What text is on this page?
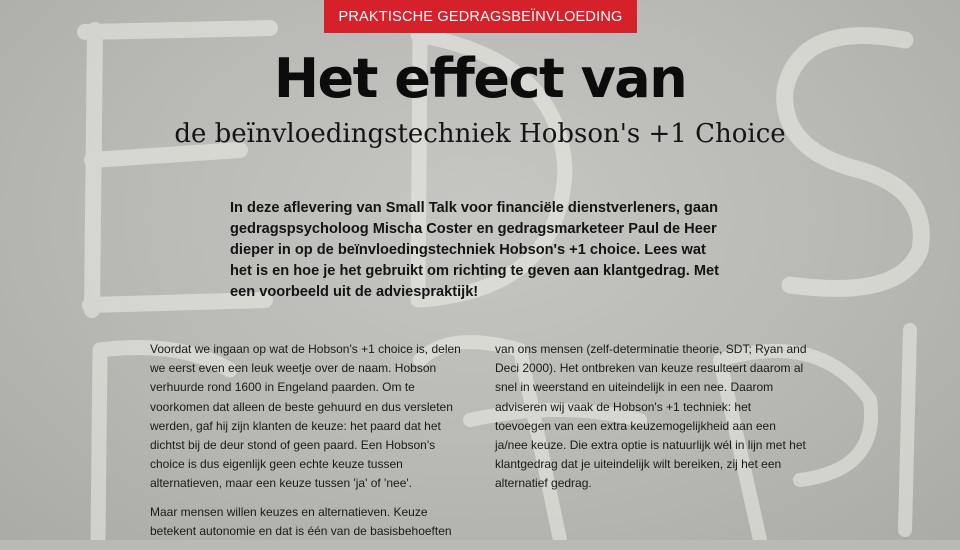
PRAKTISCHE GEDRAGSBEÏNVLOEDING
Het effect van
de beïnvloedingstechniek Hobson's +1 Choice
In deze aflevering van Small Talk voor financiële dienstverleners, gaan gedragspsycholoog Mischa Coster en gedragsmarketeer Paul de Heer dieper in op de beïnvloedingstechniek Hobson's +1 choice. Lees wat het is en hoe je het gebruikt om richting te geven aan klantgedrag. Met een voorbeeld uit de adviespraktijk!

Voordat we ingaan op wat de Hobson's +1 choice is, delen we eerst even een leuk weetje over de naam. Hobson verhuurde rond 1600 in Engeland paarden. Om te voorkomen dat alleen de beste gehuurd en dus versleten werden, gaf hij zijn klanten de keuze: het paard dat het dichtst bij de deur stond of geen paard. Een Hobson's choice is dus eigenlijk geen echte keuze tussen alternatieven, maar een keuze tussen 'ja' of 'nee'.

Maar mensen willen keuzes en alternatieven. Keuze betekent autonomie en dat is één van de basisbehoeften

van ons mensen (zelf-determinatie theorie, SDT; Ryan and Deci 2000). Het ontbreken van keuze resulteert daarom al snel in weerstand en uiteindelijk in een nee. Daarom adviseren wij vaak de Hobson's +1 techniek: het toevoegen van een extra keuzemogelijkheid aan een ja/nee keuze. Die extra optie is natuurlijk wél in lijn met het klantgedrag dat je uiteindelijk wilt bereiken, zij het een alternatief gedrag.
